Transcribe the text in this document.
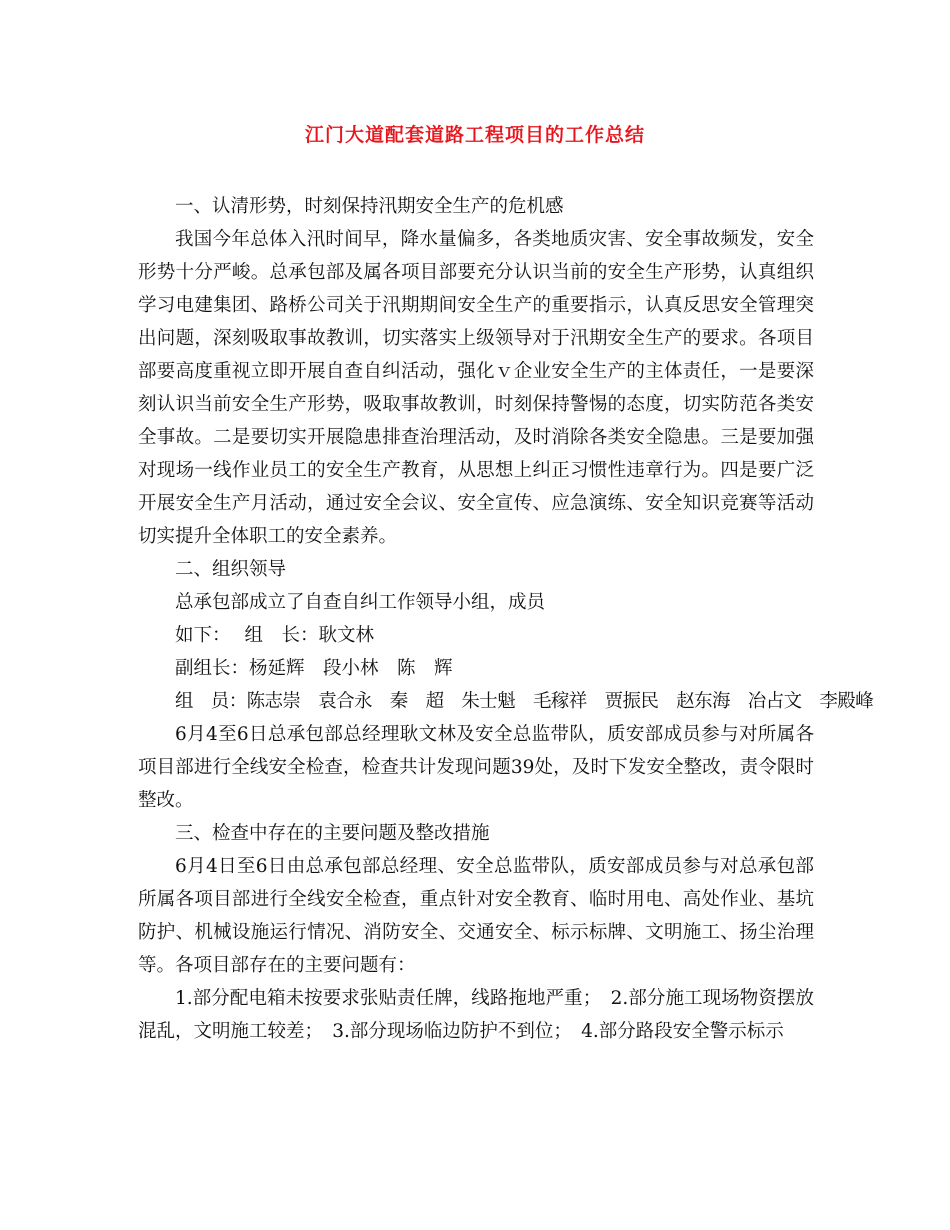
江门大道配套道路工程项目的工作总结

一、认清形势，时刻保持汛期安全生产的危机感

我国今年总体入汛时间早，降水量偏多，各类地质灾害、安全事故频发，安全形势十分严峻。总承包部及属各项目部要充分认识当前的安全生产形势，认真组织学习电建集团、路桥公司关于汛期期间安全生产的重要指示，认真反思安全管理突出问题，深刻吸取事故教训，切实落实上级领导对于汛期安全生产的要求。各项目部要高度重视立即开展自查自纠活动，强化ｖ企业安全生产的主体责任，一是要深刻认识当前安全生产形势，吸取事故教训，时刻保持警惕的态度，切实防范各类安全事故。二是要切实开展隐患排查治理活动，及时消除各类安全隐患。三是要加强对现场一线作业员工的安全生产教育，从思想上纠正习惯性违章行为。四是要广泛开展安全生产月活动，通过安全会议、安全宣传、应急演练、安全知识竞赛等活动切实提升全体职工的安全素养。

二、组织领导

总承包部成立了自查自纠工作领导小组，成员

如下： 组　长：耿文林

副组长：杨延辉　段小林　陈　辉

组　员：陈志崇　袁合永　秦　超　朱士魁　毛稼祥　贾振民　赵东海　冶占文　李殿峰

6月4至6日总承包部总经理耿文林及安全总监带队，质安部成员参与对所属各项目部进行全线安全检查，检查共计发现问题39处，及时下发安全整改，责令限时整改。

三、检查中存在的主要问题及整改措施

6月4日至6日由总承包部总经理、安全总监带队，质安部成员参与对总承包部所属各项目部进行全线安全检查，重点针对安全教育、临时用电、高处作业、基坑防护、机械设施运行情况、消防安全、交通安全、标示标牌、文明施工、扬尘治理等。各项目部存在的主要问题有：

1.部分配电箱未按要求张贴责任牌，线路拖地严重；　2.部分施工现场物资摆放混乱，文明施工较差；　3.部分现场临边防护不到位；　4.部分路段安全警示标示
